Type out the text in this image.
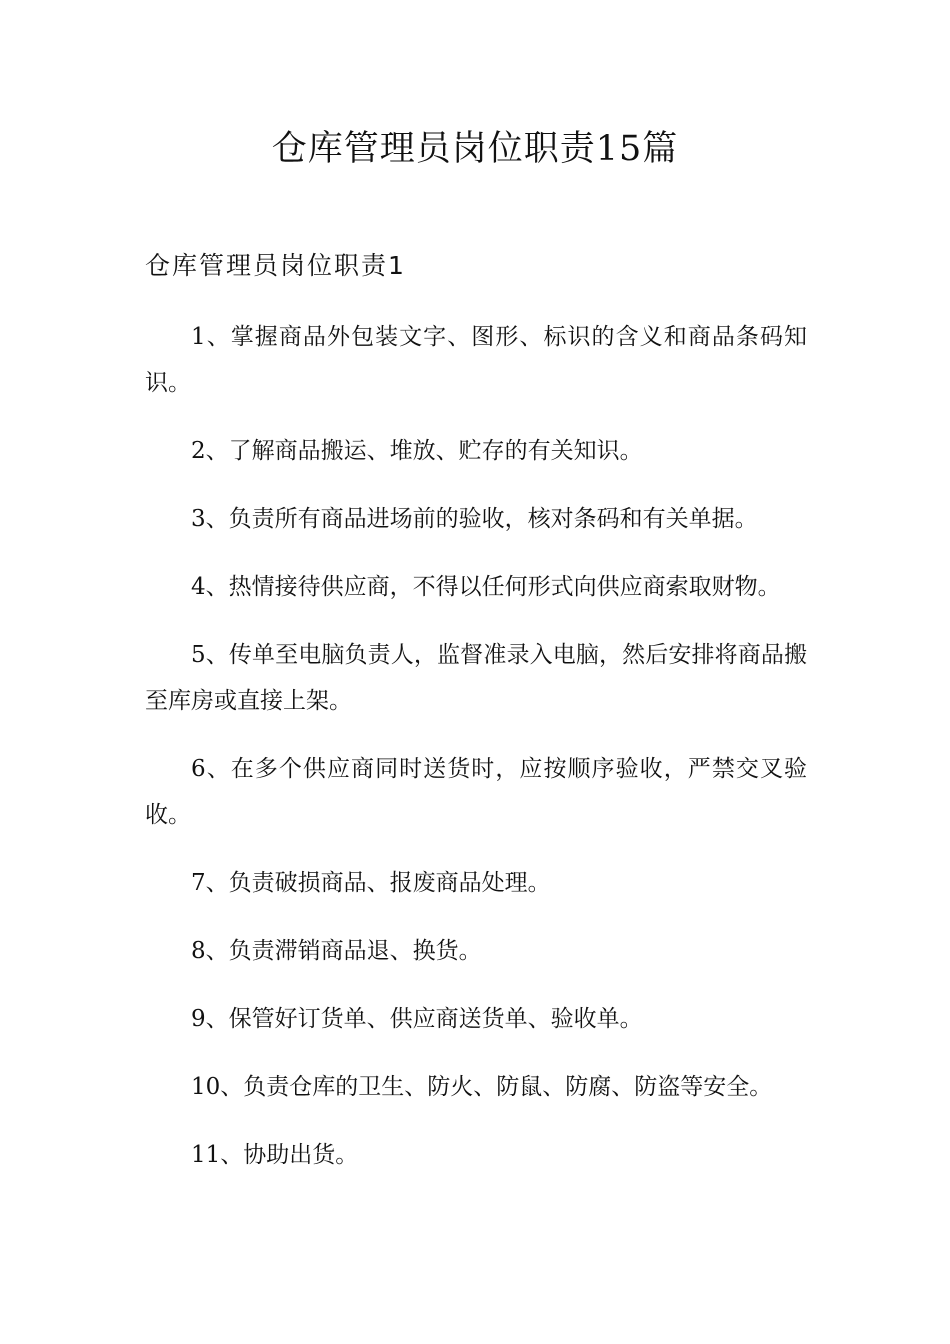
仓库管理员岗位职责15篇
仓库管理员岗位职责1

1、掌握商品外包装文字、图形、标识的含义和商品条码知识。

2、了解商品搬运、堆放、贮存的有关知识。

3、负责所有商品进场前的验收，核对条码和有关单据。

4、热情接待供应商，不得以任何形式向供应商索取财物。

5、传单至电脑负责人，监督准录入电脑，然后安排将商品搬至库房或直接上架。

6、在多个供应商同时送货时，应按顺序验收，严禁交叉验收。

7、负责破损商品、报废商品处理。

8、负责滞销商品退、换货。

9、保管好订货单、供应商送货单、验收单。

10、负责仓库的卫生、防火、防鼠、防腐、防盗等安全。

11、协助出货。
